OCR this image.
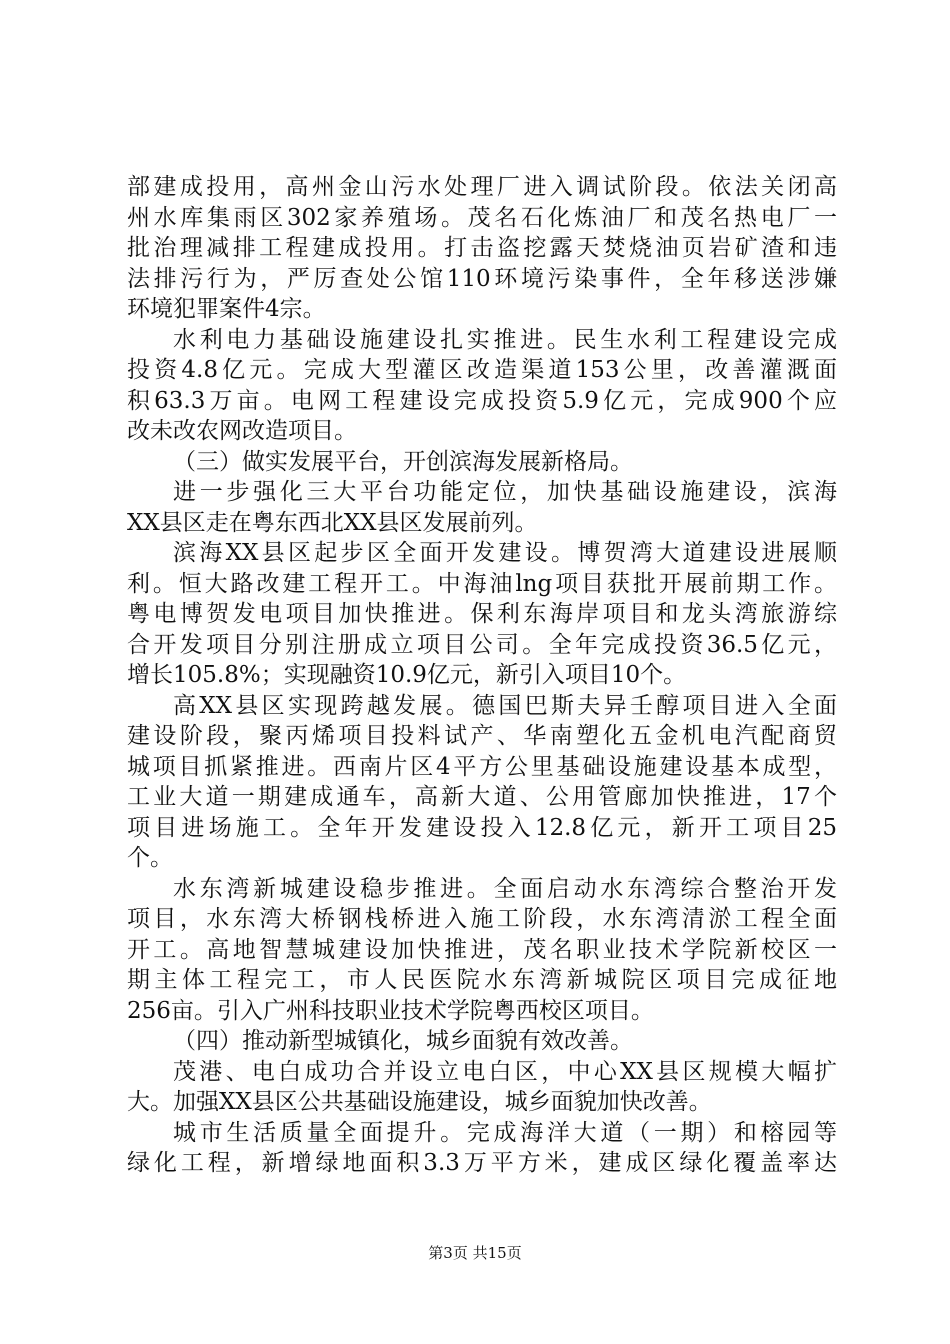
部建成投用，高州金山污水处理厂进入调试阶段。依法关闭高
州水库集雨区302家养殖场。茂名石化炼油厂和茂名热电厂一
批治理减排工程建成投用。打击盗挖露天焚烧油页岩矿渣和违
法排污行为，严厉查处公馆110环境污染事件，全年移送涉嫌
环境犯罪案件4宗。
水利电力基础设施建设扎实推进。民生水利工程建设完成
投资4.8亿元。完成大型灌区改造渠道153公里，改善灌溉面
积63.3万亩。电网工程建设完成投资5.9亿元，完成900个应
改未改农网改造项目。
（三）做实发展平台，开创滨海发展新格局。
进一步强化三大平台功能定位，加快基础设施建设，滨海
XX县区走在粤东西北XX县区发展前列。
滨海XX县区起步区全面开发建设。博贺湾大道建设进展顺
利。恒大路改建工程开工。中海油lng项目获批开展前期工作。
粤电博贺发电项目加快推进。保利东海岸项目和龙头湾旅游综
合开发项目分别注册成立项目公司。全年完成投资36.5亿元，
增长105.8%；实现融资10.9亿元，新引入项目10个。
高XX县区实现跨越发展。德国巴斯夫异壬醇项目进入全面
建设阶段，聚丙烯项目投料试产、华南塑化五金机电汽配商贸
城项目抓紧推进。西南片区4平方公里基础设施建设基本成型，
工业大道一期建成通车，高新大道、公用管廊加快推进，17个
项目进场施工。全年开发建设投入12.8亿元，新开工项目25
个。
水东湾新城建设稳步推进。全面启动水东湾综合整治开发
项目，水东湾大桥钢栈桥进入施工阶段，水东湾清淤工程全面
开工。高地智慧城建设加快推进，茂名职业技术学院新校区一
期主体工程完工，市人民医院水东湾新城院区项目完成征地
256亩。引入广州科技职业技术学院粤西校区项目。
（四）推动新型城镇化，城乡面貌有效改善。
茂港、电白成功合并设立电白区，中心XX县区规模大幅扩
大。加强XX县区公共基础设施建设，城乡面貌加快改善。
城市生活质量全面提升。完成海洋大道（一期）和榕园等
绿化工程，新增绿地面积3.3万平方米，建成区绿化覆盖率达
第3页 共15页
